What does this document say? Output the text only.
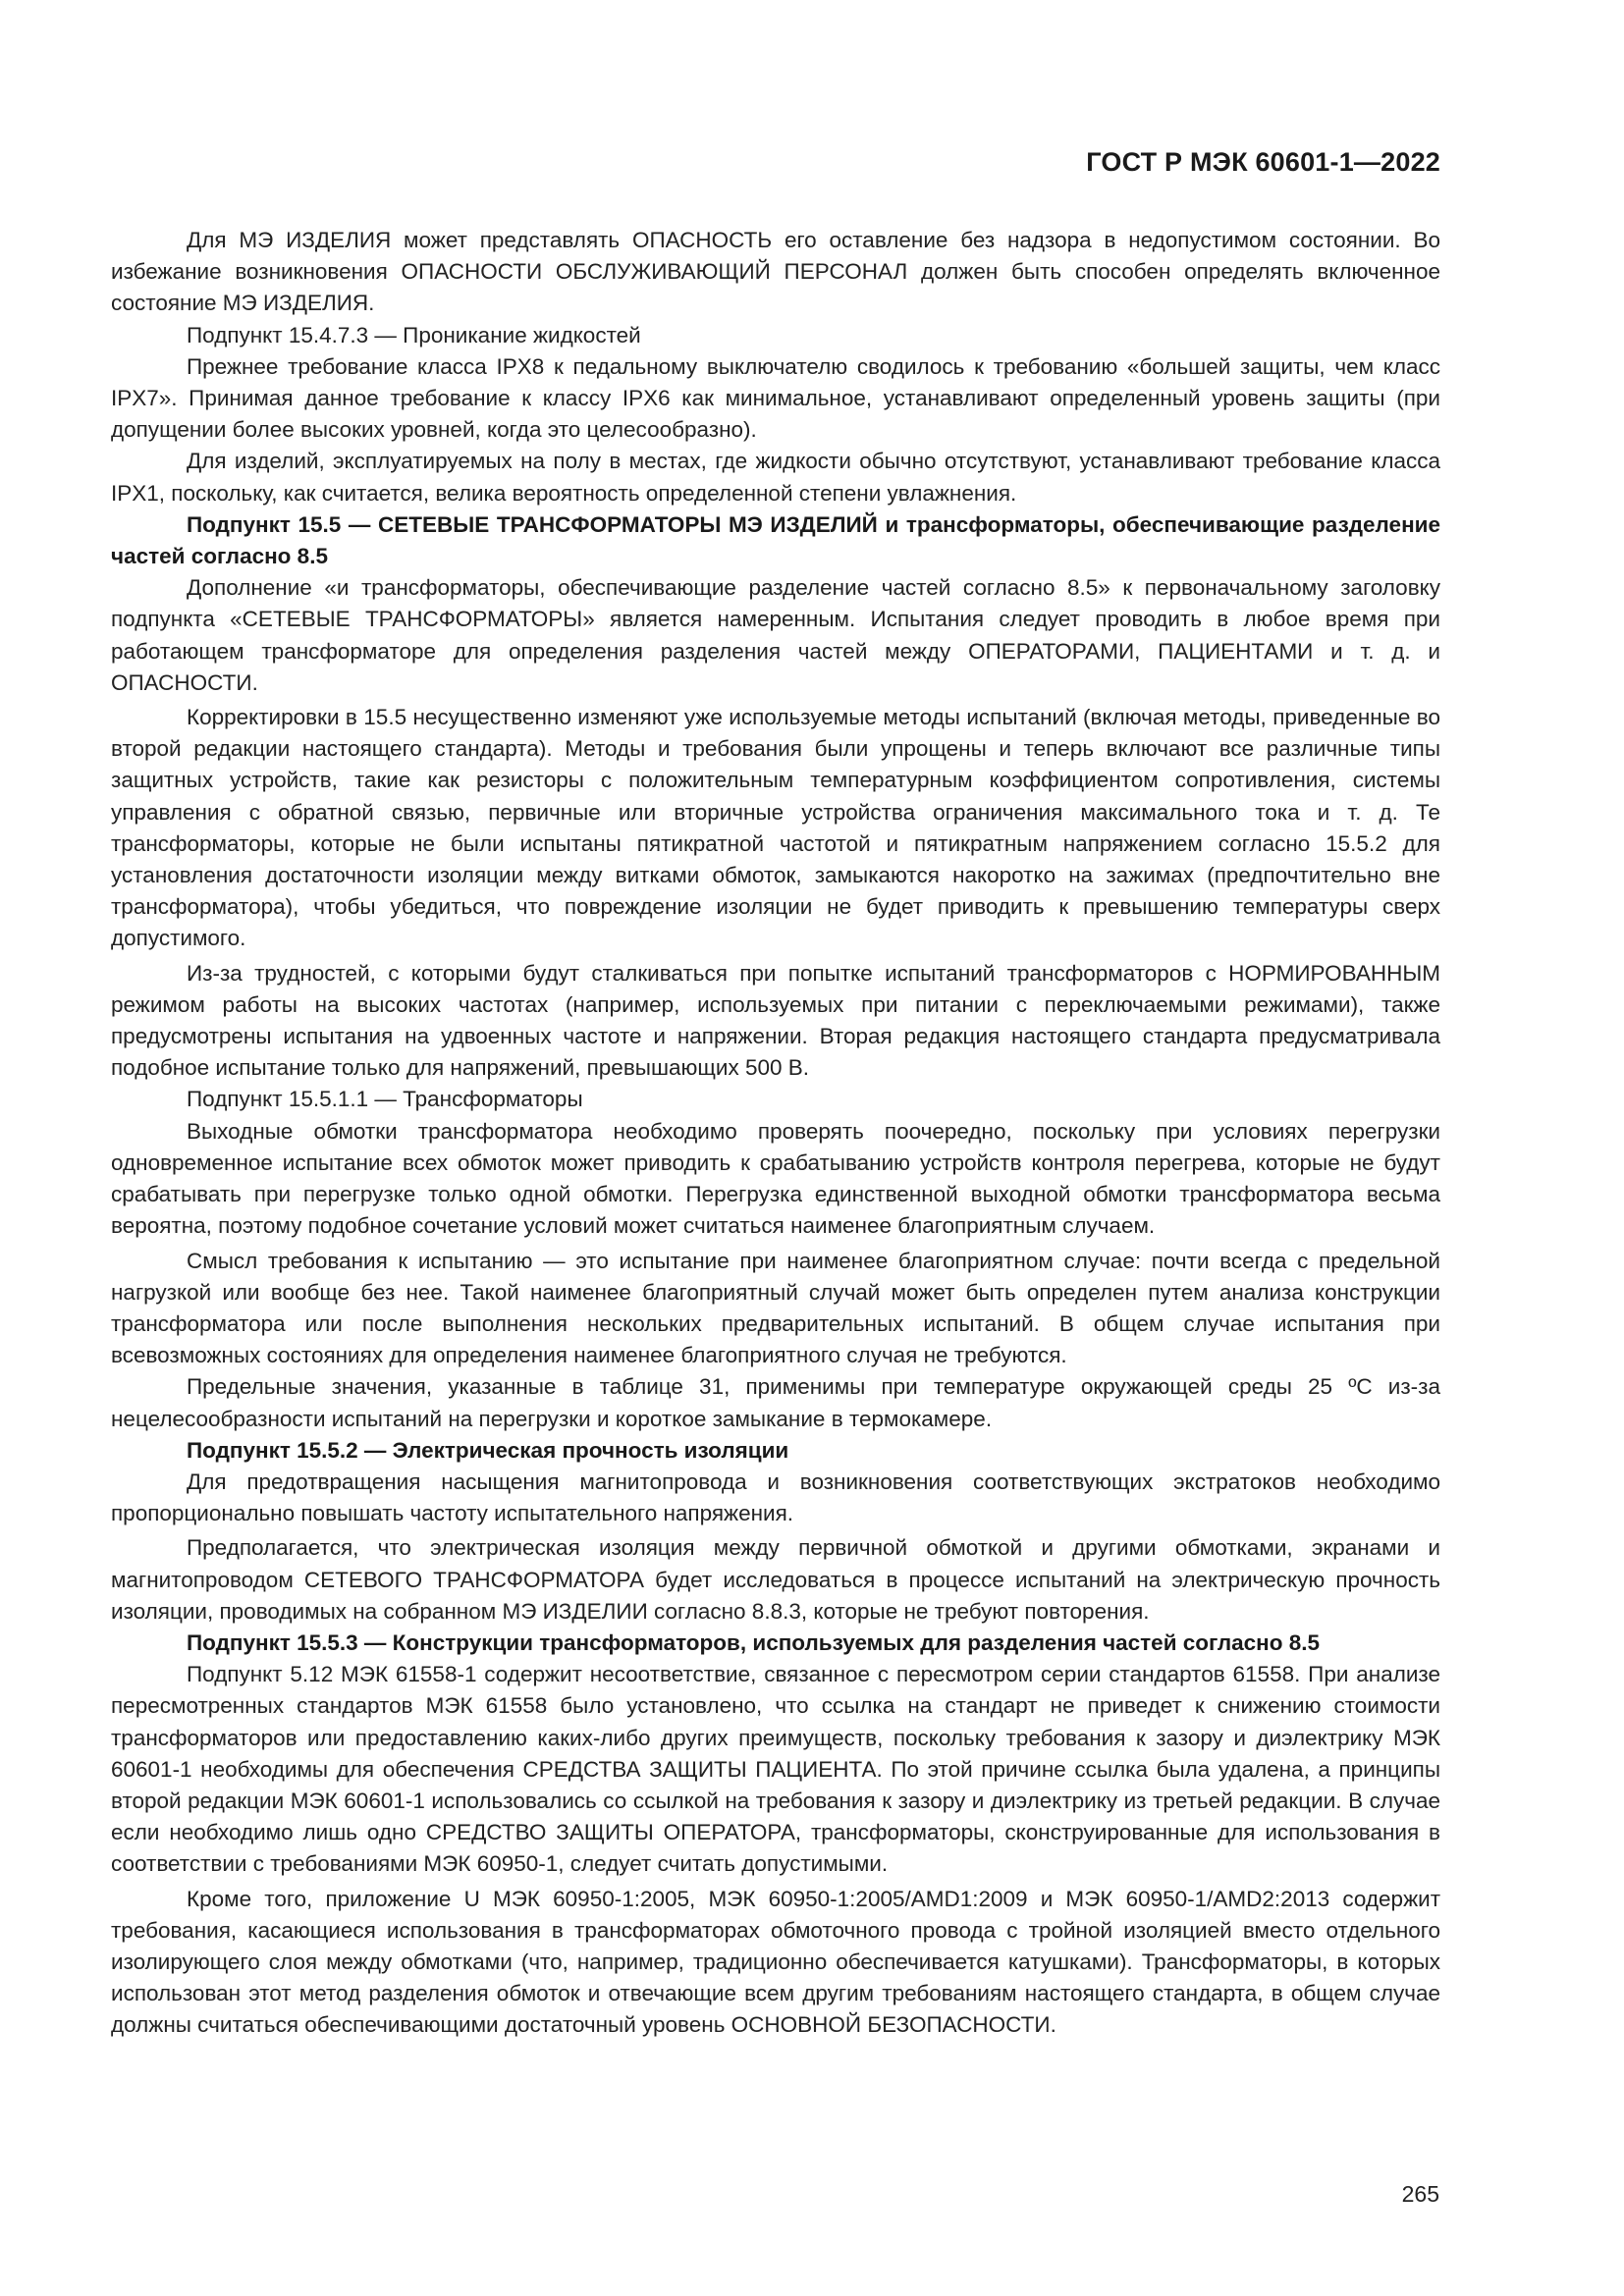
ГОСТ Р МЭК 60601-1—2022

Для МЭ ИЗДЕЛИЯ может представлять ОПАСНОСТЬ его оставление без надзора в недопустимом состоянии. Во избежание возникновения ОПАСНОСТИ ОБСЛУЖИВАЮЩИЙ ПЕРСОНАЛ должен быть способен определять включенное состояние МЭ ИЗДЕЛИЯ.

Подпункт 15.4.7.3 — Проникание жидкостей

Прежнее требование класса IPX8 к педальному выключателю сводилось к требованию «большей защиты, чем класс IPX7». Принимая данное требование к классу IPX6 как минимальное, устанавливают определенный уровень защиты (при допущении более высоких уровней, когда это целесообразно).

Для изделий, эксплуатируемых на полу в местах, где жидкости обычно отсутствуют, устанавливают требование класса IPX1, поскольку, как считается, велика вероятность определенной степени увлажнения.

Подпункт 15.5 — СЕТЕВЫЕ ТРАНСФОРМАТОРЫ МЭ ИЗДЕЛИЙ и трансформаторы, обеспечивающие разделение частей согласно 8.5

Дополнение «и трансформаторы, обеспечивающие разделение частей согласно 8.5» к первоначальному заголовку подпункта «СЕТЕВЫЕ ТРАНСФОРМАТОРЫ» является намеренным. Испытания следует проводить в любое время при работающем трансформаторе для определения разделения частей между ОПЕРАТОРАМИ, ПАЦИЕНТАМИ и т. д. и ОПАСНОСТИ.

Корректировки в 15.5 несущественно изменяют уже используемые методы испытаний (включая методы, приведенные во второй редакции настоящего стандарта). Методы и требования были упрощены и теперь включают все различные типы защитных устройств, такие как резисторы с положительным температурным коэффициентом сопротивления, системы управления с обратной связью, первичные или вторичные устройства ограничения максимального тока и т. д. Те трансформаторы, которые не были испытаны пятикратной частотой и пятикратным напряжением согласно 15.5.2 для установления достаточности изоляции между витками обмоток, замыкаются накоротко на зажимах (предпочтительно вне трансформатора), чтобы убедиться, что повреждение изоляции не будет приводить к превышению температуры сверх допустимого.

Из-за трудностей, с которыми будут сталкиваться при попытке испытаний трансформаторов с НОРМИРОВАННЫМ режимом работы на высоких частотах (например, используемых при питании с переключаемыми режимами), также предусмотрены испытания на удвоенных частоте и напряжении. Вторая редакция настоящего стандарта предусматривала подобное испытание только для напряжений, превышающих 500 В.

Подпункт 15.5.1.1 — Трансформаторы

Выходные обмотки трансформатора необходимо проверять поочередно, поскольку при условиях перегрузки одновременное испытание всех обмоток может приводить к срабатыванию устройств контроля перегрева, которые не будут срабатывать при перегрузке только одной обмотки. Перегрузка единственной выходной обмотки трансформатора весьма вероятна, поэтому подобное сочетание условий может считаться наименее благоприятным случаем.

Смысл требования к испытанию — это испытание при наименее благоприятном случае: почти всегда с предельной нагрузкой или вообще без нее. Такой наименее благоприятный случай может быть определен путем анализа конструкции трансформатора или после выполнения нескольких предварительных испытаний. В общем случае испытания при всевозможных состояниях для определения наименее благоприятного случая не требуются.

Предельные значения, указанные в таблице 31, применимы при температуре окружающей среды 25 ºС из-за нецелесообразности испытаний на перегрузки и короткое замыкание в термокамере.

Подпункт 15.5.2 — Электрическая прочность изоляции

Для предотвращения насыщения магнитопровода и возникновения соответствующих экстратоков необходимо пропорционально повышать частоту испытательного напряжения.

Предполагается, что электрическая изоляция между первичной обмоткой и другими обмотками, экранами и магнитопроводом СЕТЕВОГО ТРАНСФОРМАТОРА будет исследоваться в процессе испытаний на электрическую прочность изоляции, проводимых на собранном МЭ ИЗДЕЛИИ согласно 8.8.3, которые не требуют повторения.

Подпункт 15.5.3 — Конструкции трансформаторов, используемых для разделения частей согласно 8.5

Подпункт 5.12 МЭК 61558-1 содержит несоответствие, связанное с пересмотром серии стандартов 61558. При анализе пересмотренных стандартов МЭК 61558 было установлено, что ссылка на стандарт не приведет к снижению стоимости трансформаторов или предоставлению каких-либо других преимуществ, поскольку требования к зазору и диэлектрику МЭК 60601-1 необходимы для обеспечения СРЕДСТВА ЗАЩИТЫ ПАЦИЕНТА. По этой причине ссылка была удалена, а принципы второй редакции МЭК 60601-1 использовались со ссылкой на требования к зазору и диэлектрику из третьей редакции. В случае если необходимо лишь одно СРЕДСТВО ЗАЩИТЫ ОПЕРАТОРА, трансформаторы, сконструированные для использования в соответствии с требованиями МЭК 60950-1, следует считать допустимыми.

Кроме того, приложение U МЭК 60950-1:2005, МЭК 60950-1:2005/AMD1:2009 и МЭК 60950-1/AMD2:2013 содержит требования, касающиеся использования в трансформаторах обмоточного провода с тройной изоляцией вместо отдельного изолирующего слоя между обмотками (что, например, традиционно обеспечивается катушками). Трансформаторы, в которых использован этот метод разделения обмоток и отвечающие всем другим требованиям настоящего стандарта, в общем случае должны считаться обеспечивающими достаточный уровень ОСНОВНОЙ БЕЗОПАСНОСТИ.

265
